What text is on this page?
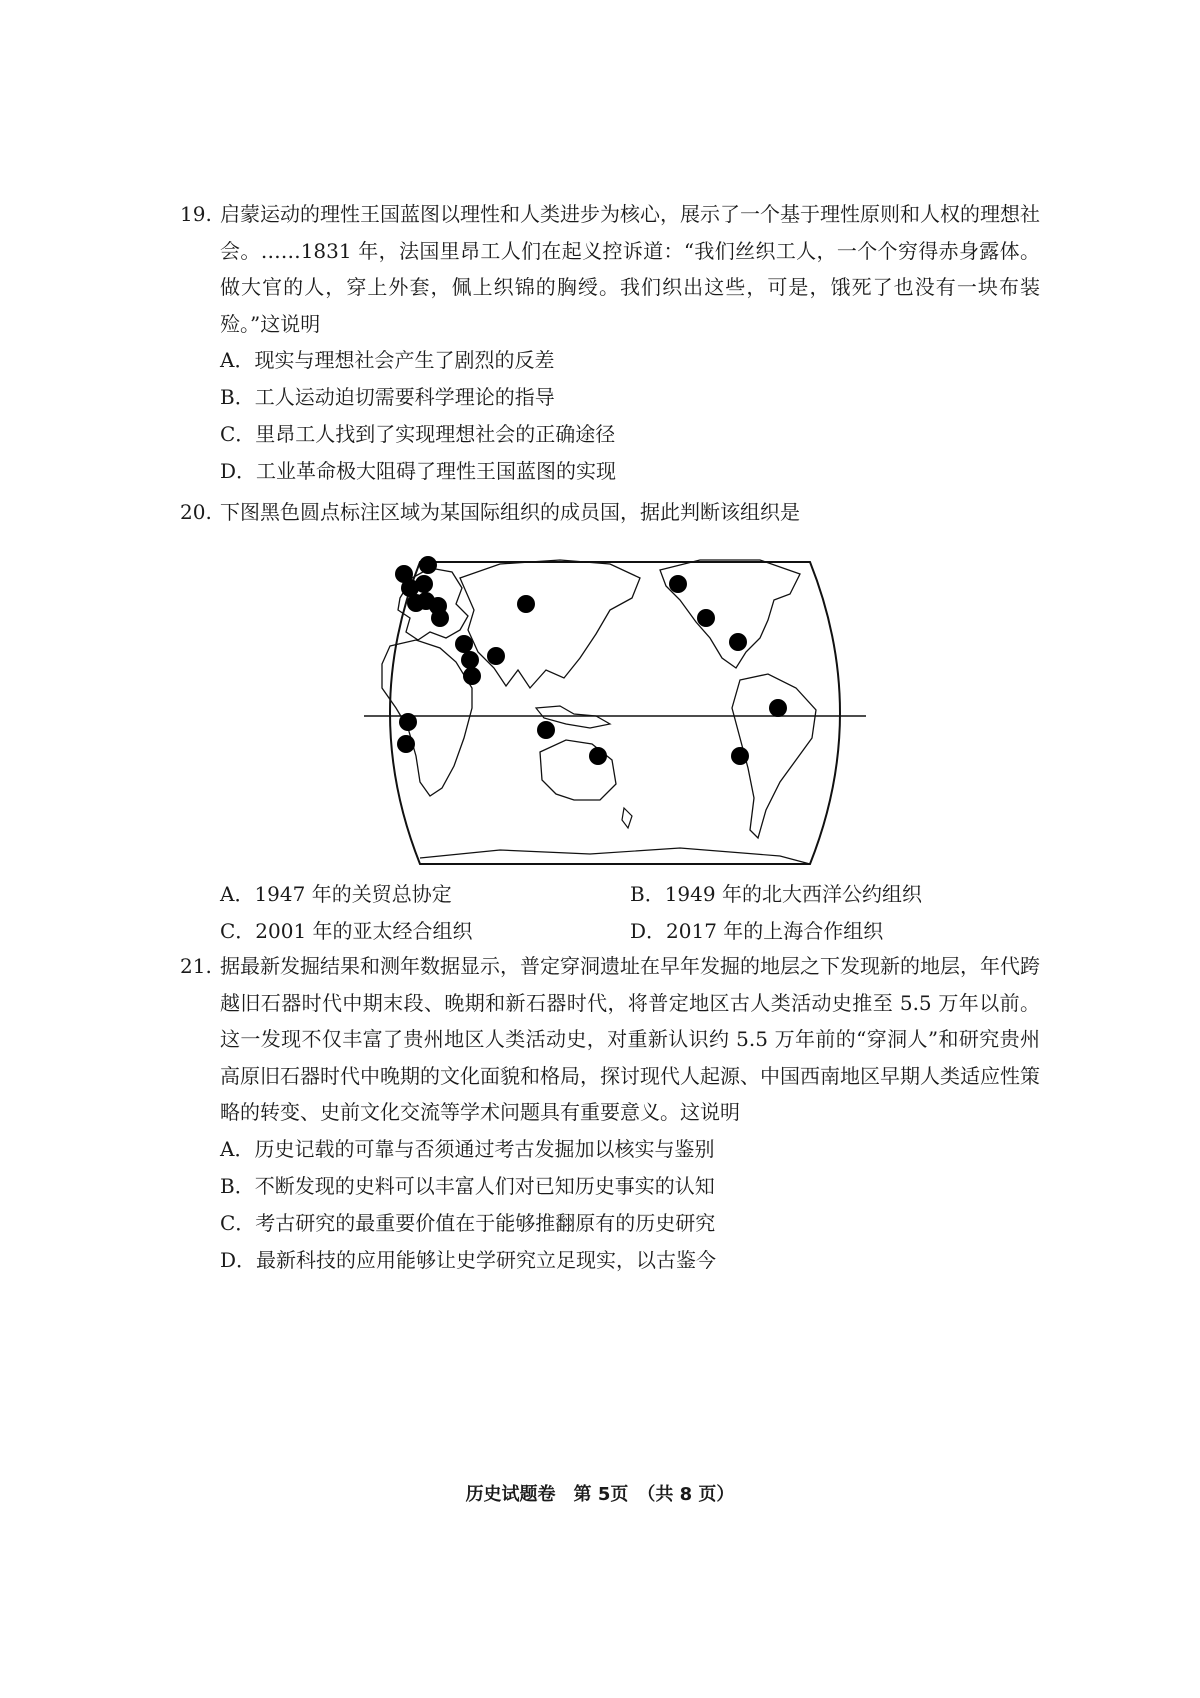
19. 启蒙运动的理性王国蓝图以理性和人类进步为核心，展示了一个基于理性原则和人权的理想社会。……1831 年，法国里昂工人们在起义控诉道：“我们丝织工人，一个个穷得赤身露体。做大官的人，穿上外套，佩上织锦的胸绶。我们织出这些，可是，饿死了也没有一块布装殓。”这说明
A．现实与理想社会产生了剧烈的反差
B．工人运动迫切需要科学理论的指导
C．里昂工人找到了实现理想社会的正确途径
D．工业革命极大阻碍了理性王国蓝图的实现
20. 下图黑色圆点标注区域为某国际组织的成员国，据此判断该组织是
A．1947 年的关贸总协定	B．1949 年的北大西洋公约组织
C．2001 年的亚太经合组织	D．2017 年的上海合作组织
21. 据最新发掘结果和测年数据显示，普定穿洞遗址在早年发掘的地层之下发现新的地层，年代跨越旧石器时代中期末段、晚期和新石器时代，将普定地区古人类活动史推至 5.5 万年以前。这一发现不仅丰富了贵州地区人类活动史，对重新认识约 5.5 万年前的“穿洞人”和研究贵州高原旧石器时代中晚期的文化面貌和格局，探讨现代人起源、中国西南地区早期人类适应性策略的转变、史前文化交流等学术问题具有重要意义。这说明
A．历史记载的可靠与否须通过考古发掘加以核实与鉴别
B．不断发现的史料可以丰富人们对已知历史事实的认知
C．考古研究的最重要价值在于能够推翻原有的历史研究
D．最新科技的应用能够让史学研究立足现实，以古鉴今
历史试题卷　第 5页　（共 8 页）
